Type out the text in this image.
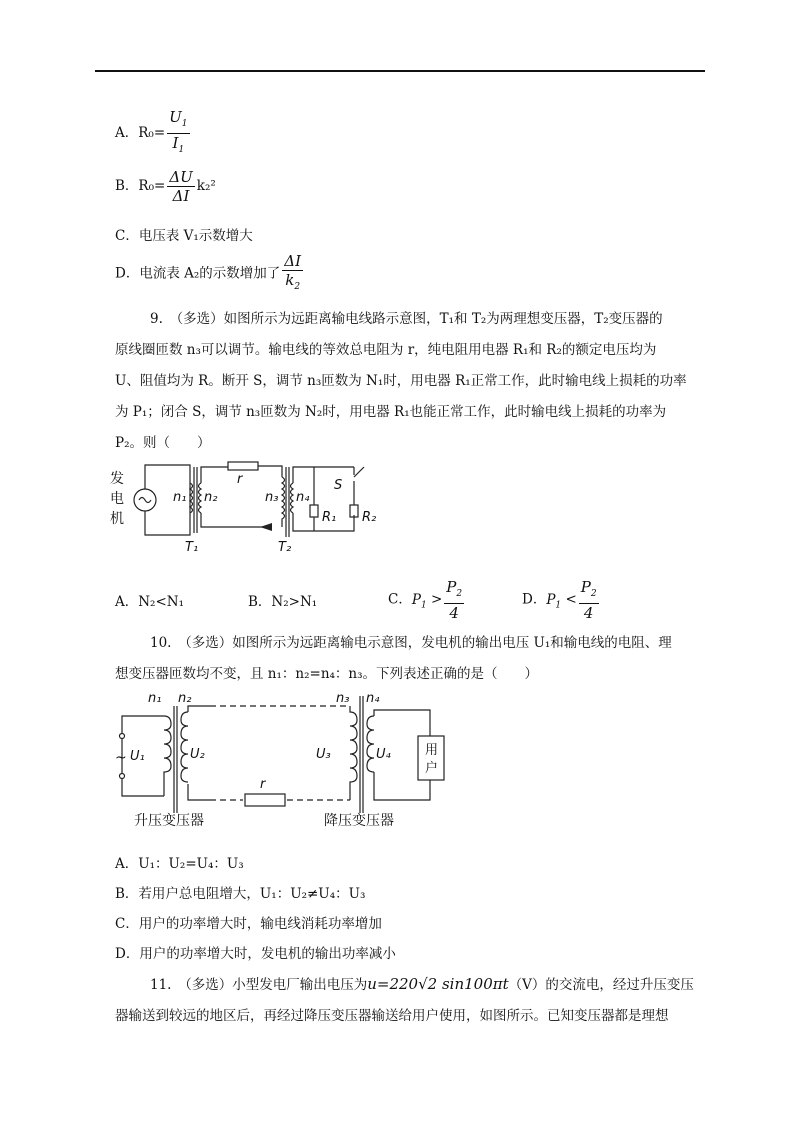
A．$R_0= \frac{U_1}{I_1}$
B．$R_0= \frac{\Delta U}{\Delta I} k_2^2$
C．电压表 V₁示数增大
D．电流表 A₂的示数增加了 $\frac{\Delta I}{k_2}$
9.　（多选）如图所示为远距离输电线路示意图，T₁和 T₂为两理想变压器，T₂变压器的
原线圈匝数 n₃可以调节。输电线的等效总电阻为 r，纯电阻用电器 R₁和 R₂的额定电压均为
U、阻值均为 R。断开 S，调节 n₃匝数为 N₁时，用电器 R₁正常工作，此时输电线上损耗的功率
为 P₁；闭合 S，调节 n₃匝数为 N₂时，用电器 R₁也能正常工作，此时输电线上损耗的功率为
P₂。则（　　）
发
电
机
n₁ n₂
r
n₃ n₄
S
R₁ R₂
T₁	T₂
A．N₂<N₁	B．N₂>N₁	C．$P_1 > \frac{P_2}{4}$	D．$P_1 < \frac{P_2}{4}$
10.　（多选）如图所示为远距离输电示意图，发电机的输出电压 U₁和输电线的电阻、理
想变压器匝数均不变，且 n₁：n₂=n₄：n₃。下列表述正确的是（　　）
n₁ n₂	n₃ n₄
~ U₁	U₂	U₃	U₄
r
用
户
升压变压器	降压变压器
A．U₁：U₂=U₄：U₃
B．若用户总电阻增大，U₁：U₂≠U₄：U₃
C．用户的功率增大时，输电线消耗功率增加
D．用户的功率增大时，发电机的输出功率减小
11.　（多选）小型发电厂输出电压为u=220√2 sin100πt（V）的交流电，经过升压变压
器输送到较远的地区后，再经过降压变压器输送给用户使用，如图所示。已知变压器都是理想
